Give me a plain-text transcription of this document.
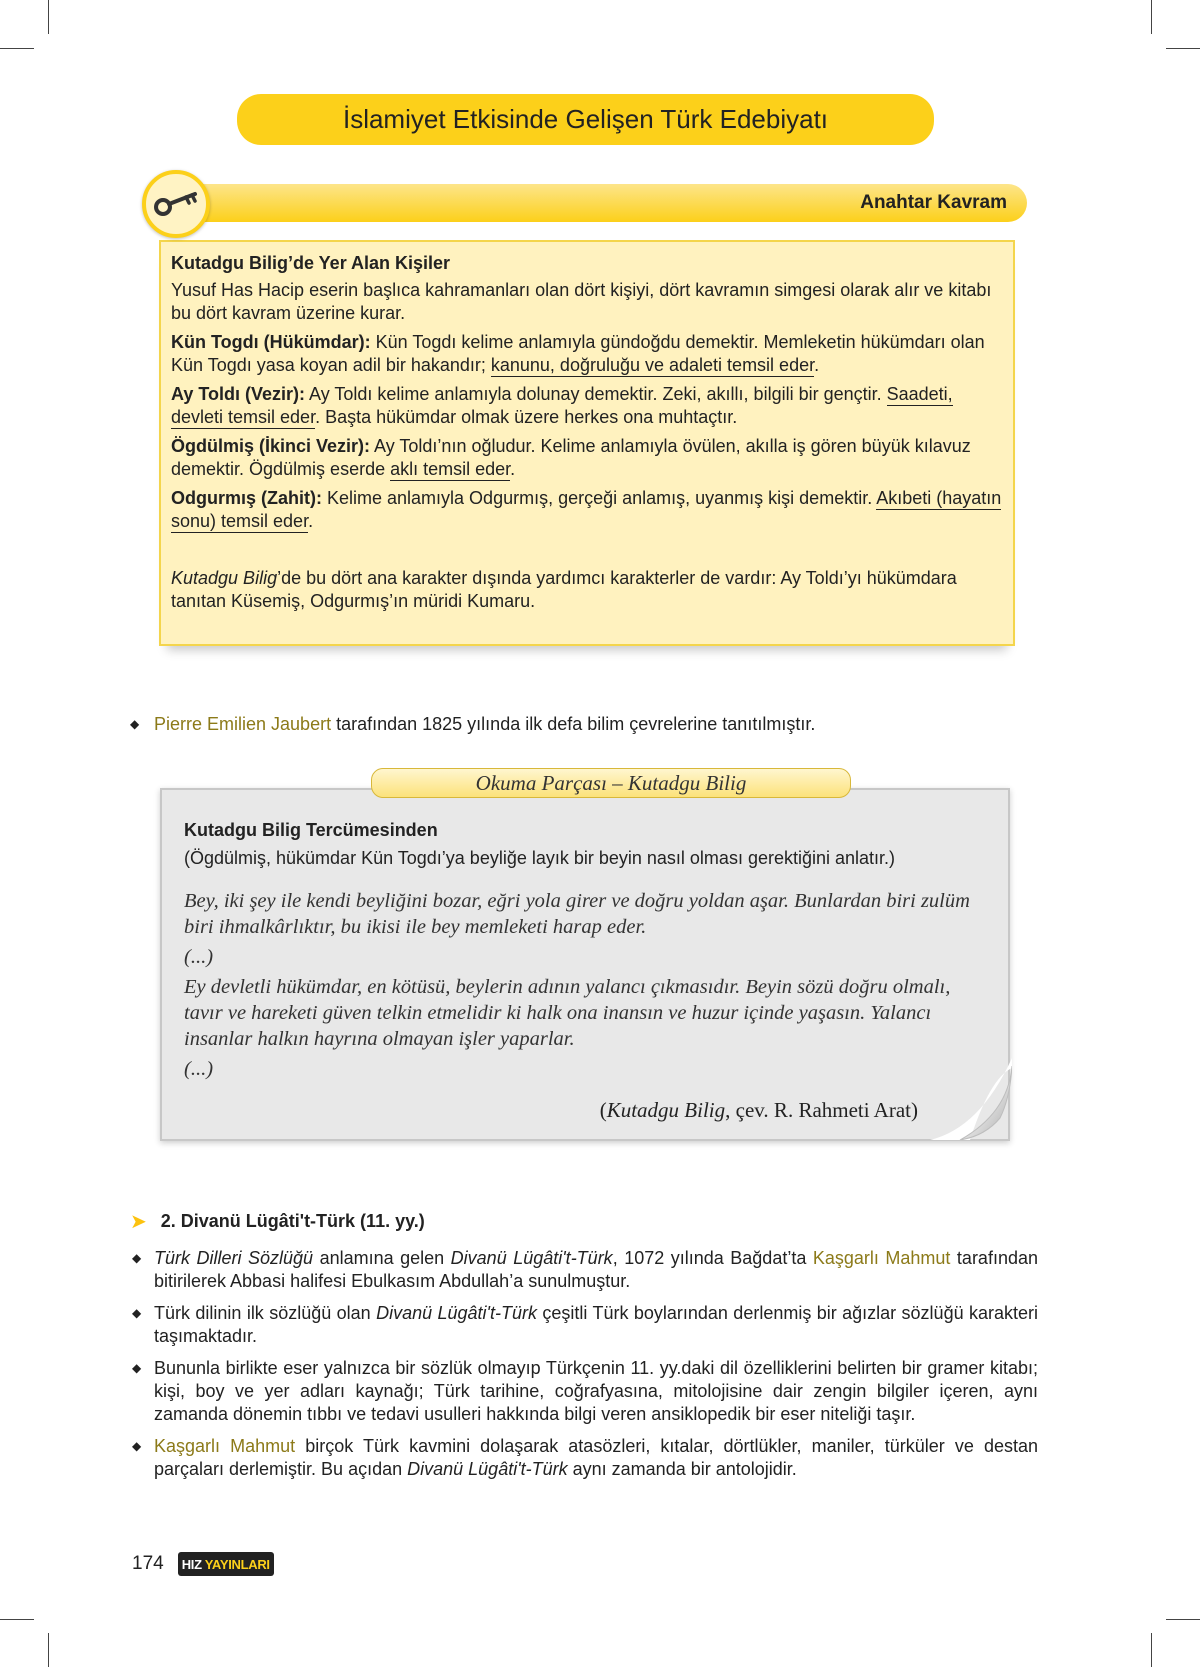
İslamiyet Etkisinde Gelişen Türk Edebiyatı
Anahtar Kavram

Kutadgu Bilig’de Yer Alan Kişiler

Yusuf Has Hacip eserin başlıca kahramanları olan dört kişiyi, dört kavramın simgesi olarak alır ve kitabı bu dört kavram üzerine kurar.

Kün Togdı (Hükümdar): Kün Togdı kelime anlamıyla gündoğdu demektir. Memleketin hükümdarı olan Kün Togdı yasa koyan adil bir hakandır; kanunu, doğruluğu ve adaleti temsil eder.

Ay Toldı (Vezir): Ay Toldı kelime anlamıyla dolunay demektir. Zeki, akıllı, bilgili bir gençtir. Saadeti, devleti temsil eder. Başta hükümdar olmak üzere herkes ona muhtaçtır.

Ögdülmiş (İkinci Vezir): Ay Toldı’nın oğludur. Kelime anlamıyla övülen, akılla iş gören büyük kılavuz demektir. Ögdülmiş eserde aklı temsil eder.

Odgurmış (Zahit): Kelime anlamıyla Odgurmış, gerçeği anlamış, uyanmış kişi demektir. Akıbeti (hayatın sonu) temsil eder.

Kutadgu Bilig’de bu dört ana karakter dışında yardımcı karakterler de vardır: Ay Toldı’yı hükümdara tanıtan Küsemiş, Odgurmış’ın müridi Kumaru.

◆ Pierre Emilien Jaubert tarafından 1825 yılında ilk defa bilim çevrelerine tanıtılmıştır.
Okuma Parçası – Kutadgu Bilig
Kutadgu Bilig Tercümesinden
(Ögdülmiş, hükümdar Kün Togdı’ya beyliğe layık bir beyin nasıl olması gerektiğini anlatır.)

Bey, iki şey ile kendi beyliğini bozar, eğri yola girer ve doğru yoldan aşar. Bunlardan biri zulüm biri ihmalkârlıktır, bu ikisi ile bey memleketi harap eder.

(...)

Ey devletli hükümdar, en kötüsü, beylerin adının yalancı çıkmasıdır. Beyin sözü doğru olmalı, tavır ve hareketi güven telkin etmelidir ki halk ona inansın ve huzur içinde yaşasın. Yalancı insanlar halkın hayrına olmayan işler yaparlar.

(...)

(Kutadgu Bilig, çev. R. Rahmeti Arat)
➤ 2. Divanü Lügâti't-Türk (11. yy.)
◆ Türk Dilleri Sözlüğü anlamına gelen Divanü Lügâti't-Türk, 1072 yılında Bağdat’ta Kaşgarlı Mahmut tarafından bitirilerek Abbasi halifesi Ebulkasım Abdullah’a sunulmuştur.
◆ Türk dilinin ilk sözlüğü olan Divanü Lügâti't-Türk çeşitli Türk boylarından derlenmiş bir ağızlar sözlüğü karakteri taşımaktadır.
◆ Bununla birlikte eser yalnızca bir sözlük olmayıp Türkçenin 11. yy.daki dil özelliklerini belirten bir gramer kitabı; kişi, boy ve yer adları kaynağı; Türk tarihine, coğrafyasına, mitolojisine dair zengin bilgiler içeren, aynı zamanda dönemin tıbbı ve tedavi usulleri hakkında bilgi veren ansiklopedik bir eser niteliği taşır.
◆ Kaşgarlı Mahmut birçok Türk kavmini dolaşarak atasözleri, kıtalar, dörtlükler, maniler, türküler ve destan parçaları derlemiştir. Bu açıdan Divanü Lügâti't-Türk aynı zamanda bir antolojidir.
174 HIZ YAYINLARI
